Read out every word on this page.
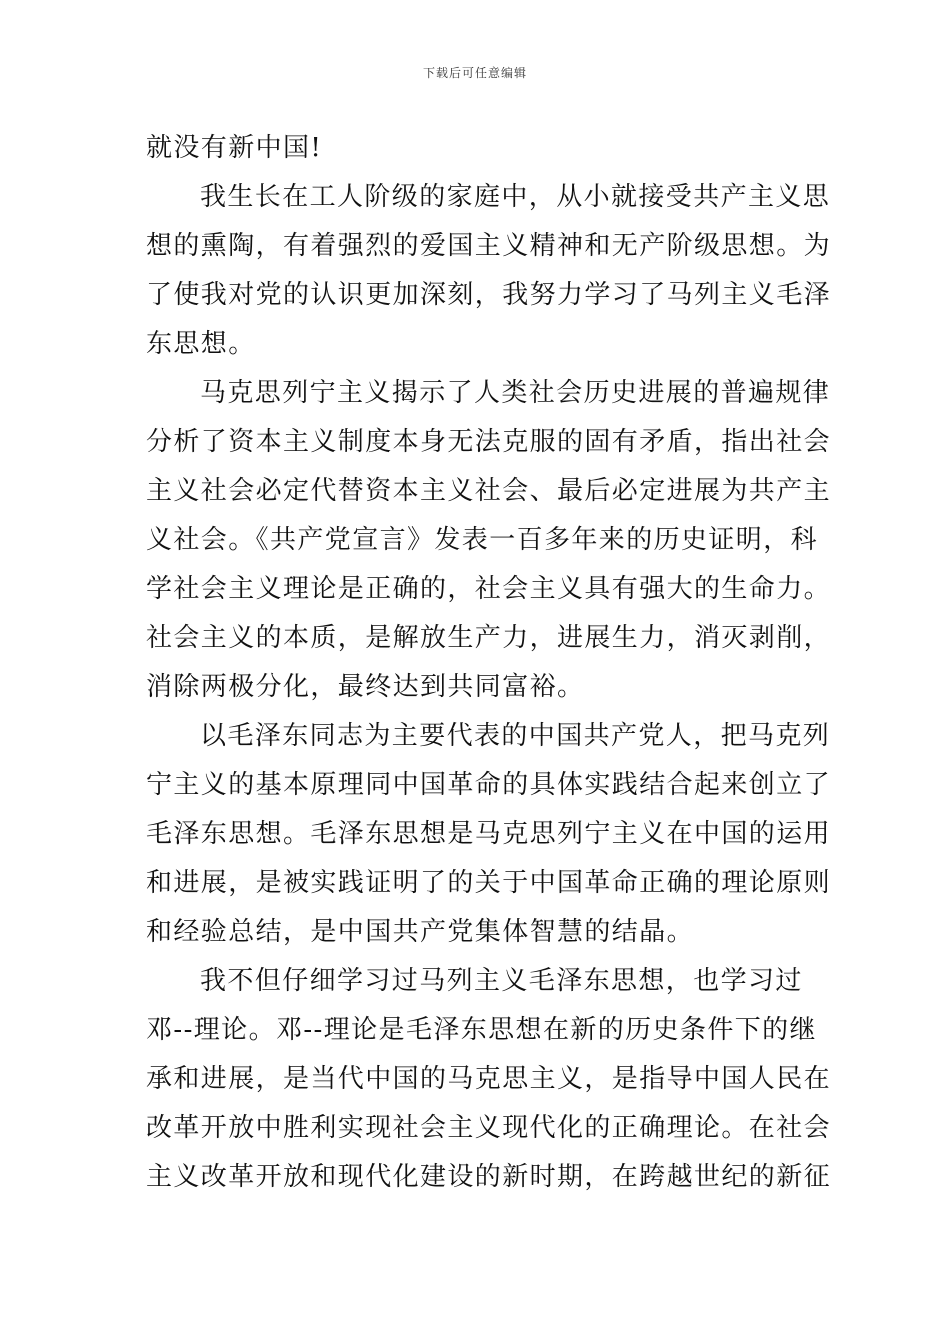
下载后可任意编辑

就没有新中国!

我生长在工人阶级的家庭中，从小就接受共产主义思
想的熏陶，有着强烈的爱国主义精神和无产阶级思想。为
了使我对党的认识更加深刻，我努力学习了马列主义毛泽
东思想。

马克思列宁主义揭示了人类社会历史进展的普遍规律
分析了资本主义制度本身无法克服的固有矛盾，指出社会
主义社会必定代替资本主义社会、最后必定进展为共产主
义社会。《共产党宣言》发表一百多年来的历史证明，科
学社会主义理论是正确的，社会主义具有强大的生命力。
社会主义的本质，是解放生产力，进展生力，消灭剥削，
消除两极分化，最终达到共同富裕。

以毛泽东同志为主要代表的中国共产党人，把马克列
宁主义的基本原理同中国革命的具体实践结合起来创立了
毛泽东思想。毛泽东思想是马克思列宁主义在中国的运用
和进展，是被实践证明了的关于中国革命正确的理论原则
和经验总结，是中国共产党集体智慧的结晶。

我不但仔细学习过马列主义毛泽东思想，也学习过
邓--理论。邓--理论是毛泽东思想在新的历史条件下的继
承和进展，是当代中国的马克思主义，是指导中国人民在
改革开放中胜利实现社会主义现代化的正确理论。在社会
主义改革开放和现代化建设的新时期，在跨越世纪的新征
